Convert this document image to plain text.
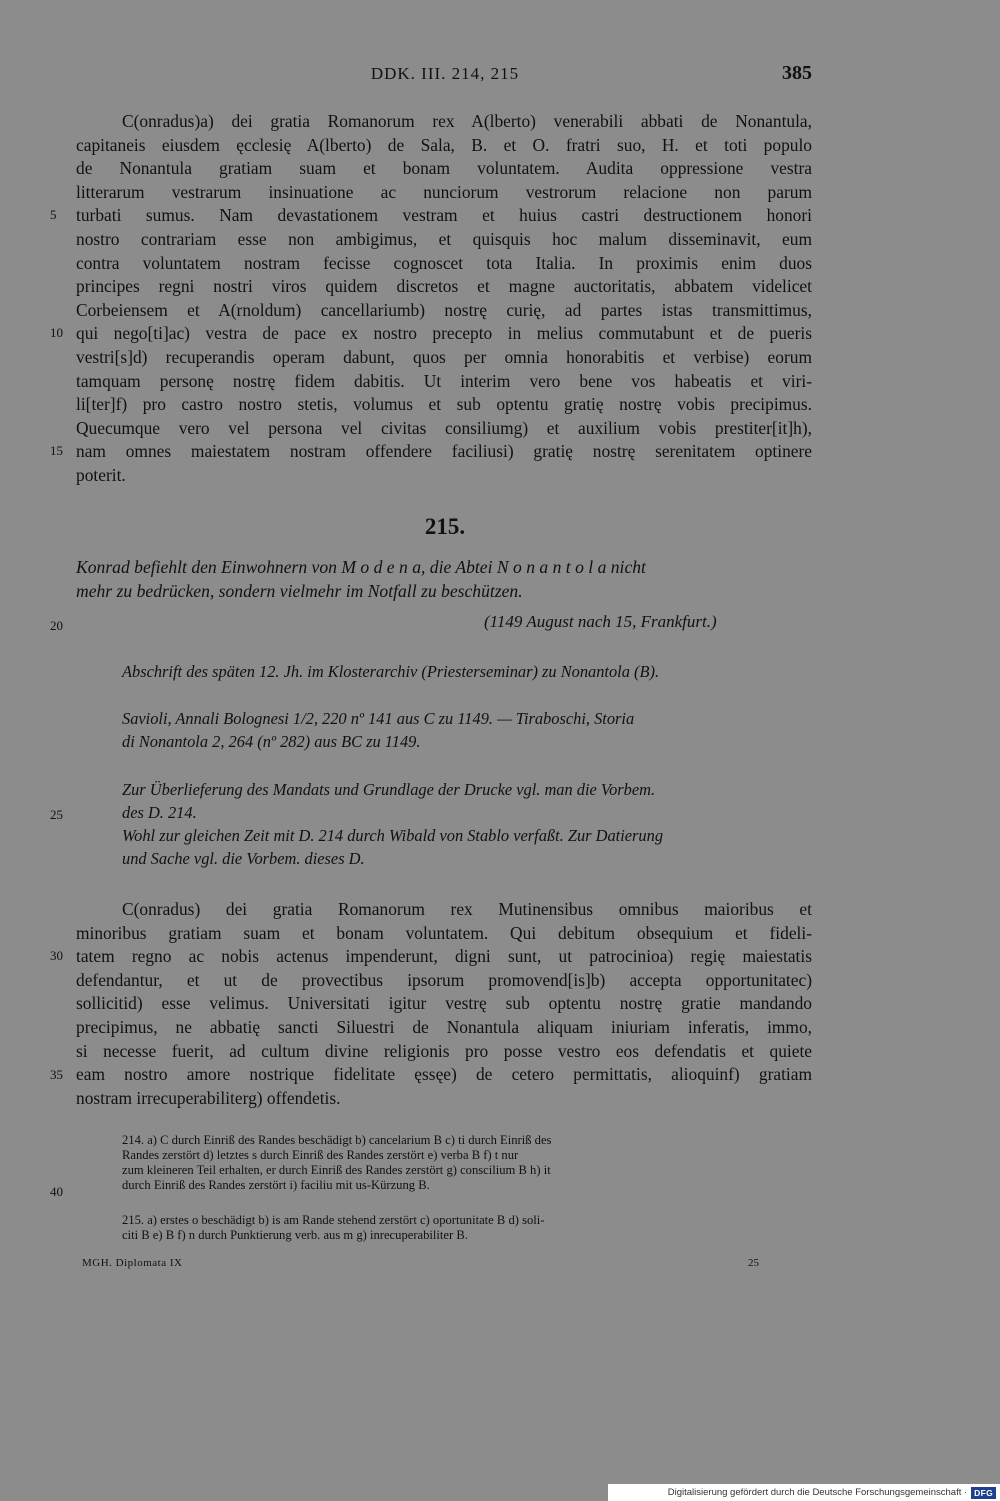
DDK. III. 214, 215	385
C(onradus)a) dei gratia Romanorum rex A(lberto) venerabili abbati de Nonantula,
capitaneis eiusdem ęcclesię A(lberto) de Sala, B. et O. fratri suo, H. et toti populo
de Nonantula gratiam suam et bonam voluntatem. Audita oppressione vestra
litterarum vestrarum insinuatione ac nunciorum vestrorum relacione non parum
turbati sumus. Nam devastationem vestram et huius castri destructionem honori
nostro contrariam esse non ambigimus, et quisquis hoc malum disseminavit, eum
contra voluntatem nostram fecisse cognoscet tota Italia. In proximis enim duos
principes regni nostri viros quidem discretos et magne auctoritatis, abbatem videlicet
Corbeiensem et A(rnoldum) cancellariumb) nostrę curię, ad partes istas transmittimus,
qui nego[ti]ac) vestra de pace ex nostro precepto in melius commutabunt et de pueris
vestri[s]d) recuperandis operam dabunt, quos per omnia honorabitis et verbise) eorum
tamquam personę nostrę fidem dabitis. Ut interim vero bene vos habeatis et viri-
li[ter]f) pro castro nostro stetis, volumus et sub optentu gratię nostrę vobis precipimus.
Quecumque vero vel persona vel civitas consiliumg) et auxilium vobis prestiter[it]h),
nam omnes maiestatem nostram offendere faciliusi) gratię nostrę serenitatem optinere
poterit.
5
10
15
215.
Konrad befiehlt den Einwohnern von M o d e n a, die Abtei N o n a n t o l a nicht
mehr zu bedrücken, sondern vielmehr im Notfall zu beschützen.
20	(1149 August nach 15, Frankfurt.)
Abschrift des späten 12. Jh. im Klosterarchiv (Priesterseminar) zu Nonantola (B).
Savioli, Annali Bolognesi 1/2, 220 nº 141 aus C zu 1149. — Tiraboschi, Storia
di Nonantola 2, 264 (nº 282) aus BC zu 1149.
Zur Überlieferung des Mandats und Grundlage der Drucke vgl. man die Vorbem.
des D. 214.
Wohl zur gleichen Zeit mit D. 214 durch Wibald von Stablo verfaßt. Zur Datierung
und Sache vgl. die Vorbem. dieses D.
25
C(onradus) dei gratia Romanorum rex Mutinensibus omnibus maioribus et
minoribus gratiam suam et bonam voluntatem. Qui debitum obsequium et fideli-
tatem regno ac nobis actenus impenderunt, digni sunt, ut patrocinioa) regię maiestatis
defendantur, et ut de provectibus ipsorum promovend[is]b) accepta opportunitatec)
sollicitid) esse velimus. Universitati igitur vestrę sub optentu nostrę gratie mandando
precipimus, ne abbatię sancti Siluestri de Nonantula aliquam iniuriam inferatis, immo,
si necesse fuerit, ad cultum divine religionis pro posse vestro eos defendatis et quiete
eam nostro amore nostrique fidelitate ęssęe) de cetero permittatis, alioquinf) gratiam
nostram irrecuperabiliterg) offendetis.
30
35
214. a) C durch Einriß des Randes beschädigt b) cancelarium B c) ti durch Einriß des
Randes zerstört d) letztes s durch Einriß des Randes zerstört e) verba B f) t nur
zum kleineren Teil erhalten, er durch Einriß des Randes zerstört g) conscilium B h) it
durch Einriß des Randes zerstört i) faciliu mit us-Kürzung B.
40
215. a) erstes o beschädigt b) is am Rande stehend zerstört c) oportunitate B d) soli-
citi B e) B f) n durch Punktierung verb. aus m g) inrecuperabiliter B.
MGH. Diplomata IX	25
Digitalisierung gefördert durch die Deutsche Forschungsgemeinschaft · DFG
